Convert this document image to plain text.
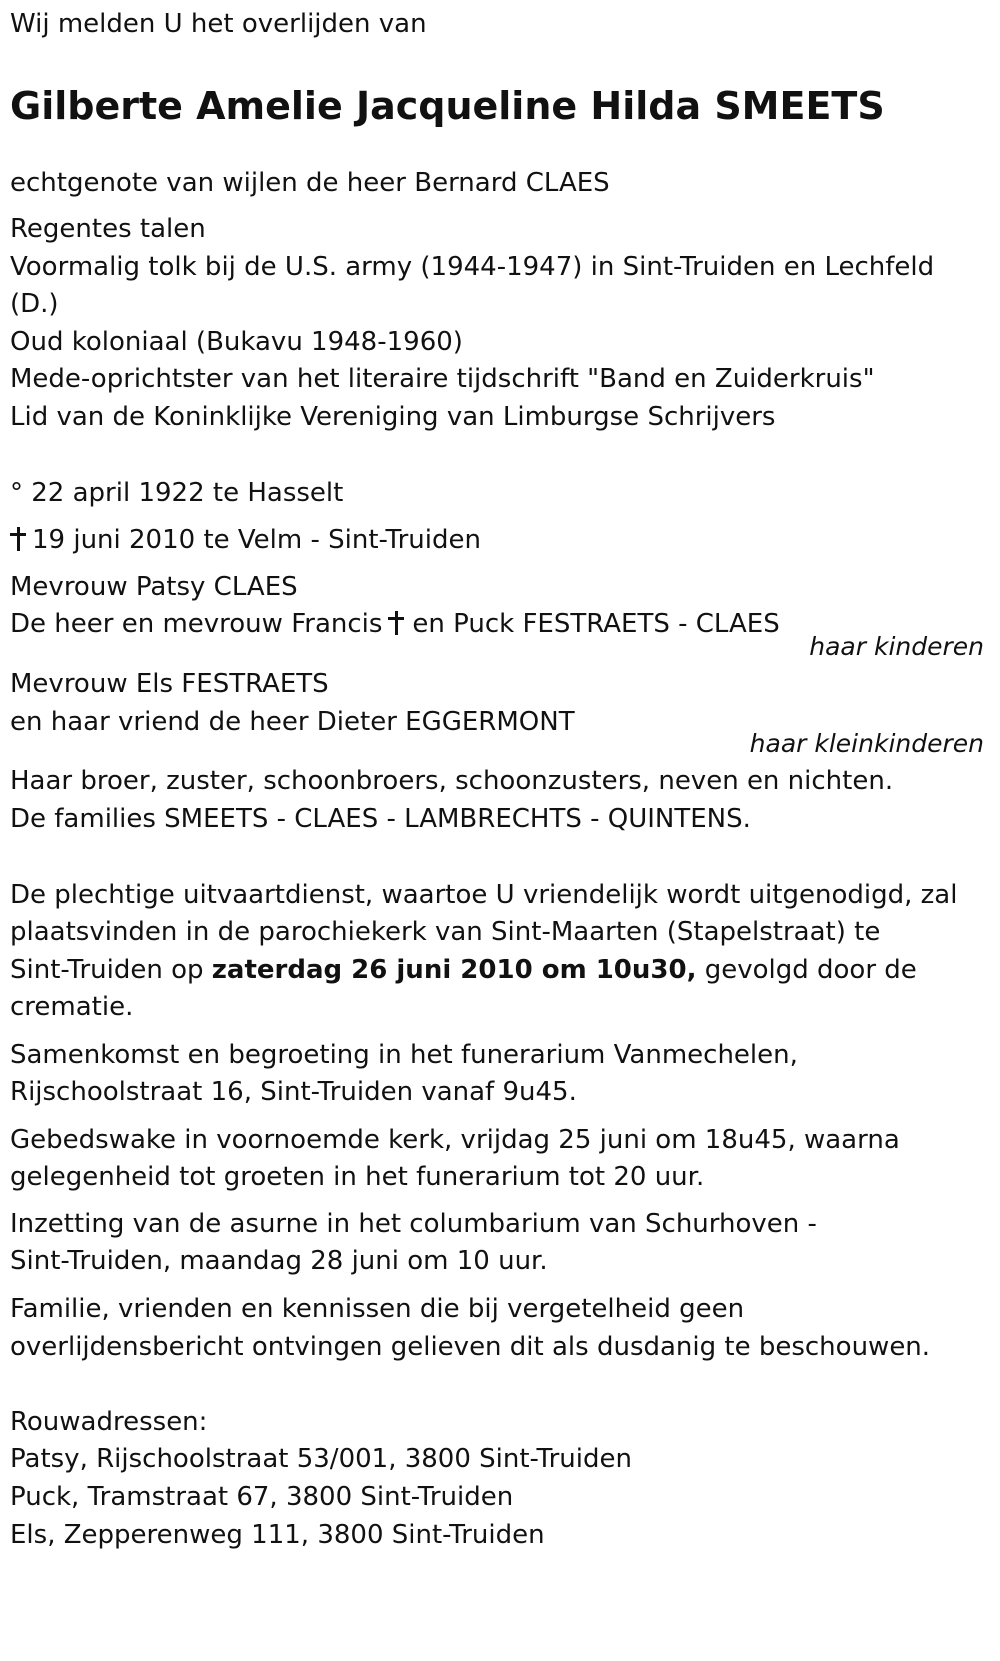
Wij melden U het overlijden van
Gilberte Amelie Jacqueline Hilda SMEETS
echtgenote van wijlen de heer Bernard CLAES
Regentes talen
Voormalig tolk bij de U.S. army (1944-1947) in Sint-Truiden en Lechfeld
(D.)
Oud koloniaal (Bukavu 1948-1960)
Mede-oprichtster van het literaire tijdschrift "Band en Zuiderkruis"
Lid van de Koninklijke Vereniging van Limburgse Schrijvers
° 22 april 1922 te Hasselt
19 juni 2010 te Velm - Sint-Truiden
Mevrouw Patsy CLAES
De heer en mevrouw Francis en Puck FESTRAETS - CLAES
haar kinderen
Mevrouw Els FESTRAETS
en haar vriend de heer Dieter EGGERMONT
haar kleinkinderen
Haar broer, zuster, schoonbroers, schoonzusters, neven en nichten.
De families SMEETS - CLAES - LAMBRECHTS - QUINTENS.
De plechtige uitvaartdienst, waartoe U vriendelijk wordt uitgenodigd, zal
plaatsvinden in de parochiekerk van Sint-Maarten (Stapelstraat) te
Sint-Truiden op zaterdag 26 juni 2010 om 10u30, gevolgd door de
crematie.
Samenkomst en begroeting in het funerarium Vanmechelen,
Rijschoolstraat 16, Sint-Truiden vanaf 9u45.
Gebedswake in voornoemde kerk, vrijdag 25 juni om 18u45, waarna
gelegenheid tot groeten in het funerarium tot 20 uur.
Inzetting van de asurne in het columbarium van Schurhoven -
Sint-Truiden, maandag 28 juni om 10 uur.
Familie, vrienden en kennissen die bij vergetelheid geen
overlijdensbericht ontvingen gelieven dit als dusdanig te beschouwen.
Rouwadressen:
Patsy, Rijschoolstraat 53/001, 3800 Sint-Truiden
Puck, Tramstraat 67, 3800 Sint-Truiden
Els, Zepperenweg 111, 3800 Sint-Truiden
